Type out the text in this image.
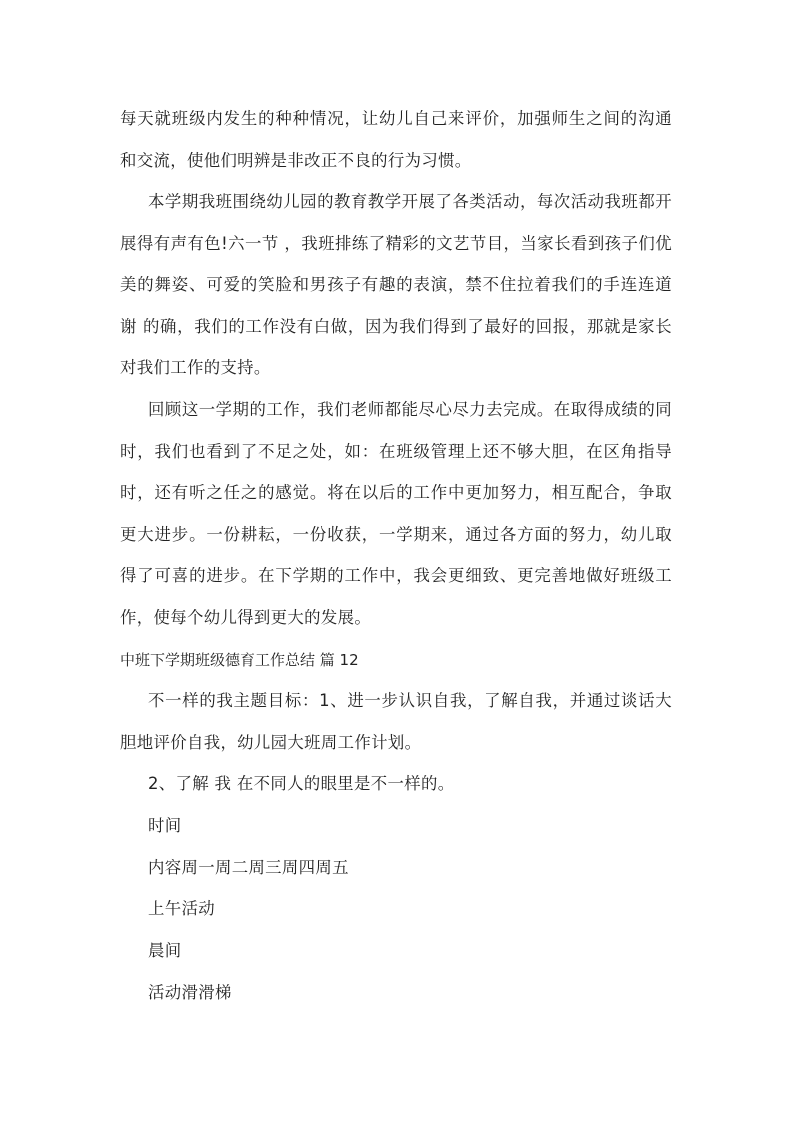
每天就班级内发生的种种情况，让幼儿自己来评价，加强师生之间的沟通和交流，使他们明辨是非改正不良的行为习惯。

本学期我班围绕幼儿园的教育教学开展了各类活动，每次活动我班都开展得有声有色!六一节 ，我班排练了精彩的文艺节目，当家长看到孩子们优美的舞姿、可爱的笑脸和男孩子有趣的表演，禁不住拉着我们的手连连道谢 的确，我们的工作没有白做，因为我们得到了最好的回报，那就是家长对我们工作的支持。

回顾这一学期的工作，我们老师都能尽心尽力去完成。在取得成绩的同时，我们也看到了不足之处，如：在班级管理上还不够大胆，在区角指导时，还有听之任之的感觉。将在以后的工作中更加努力，相互配合，争取更大进步。一份耕耘，一份收获，一学期来，通过各方面的努力，幼儿取得了可喜的进步。在下学期的工作中，我会更细致、更完善地做好班级工作，使每个幼儿得到更大的发展。

中班下学期班级德育工作总结 篇 12

不一样的我主题目标：1、进一步认识自我，了解自我，并通过谈话大胆地评价自我，幼儿园大班周工作计划。

2、了解 我 在不同人的眼里是不一样的。
时间
内容周一周二周三周四周五
上午活动
晨间
活动滑滑梯
